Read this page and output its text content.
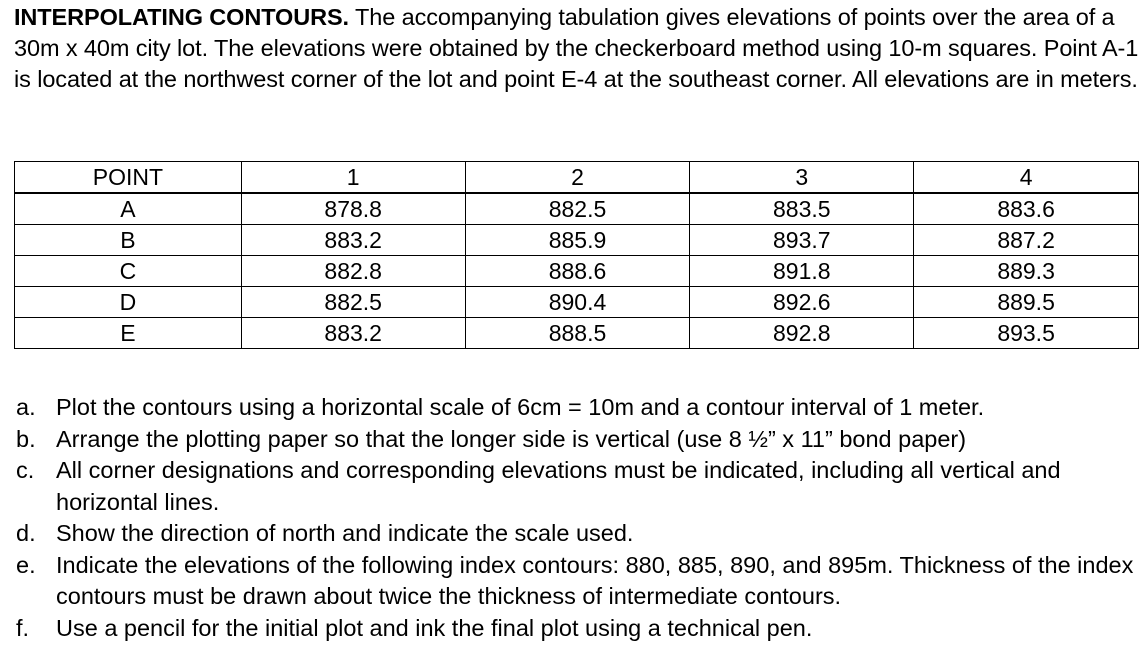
INTERPOLATING CONTOURS. The accompanying tabulation gives elevations of points over the area of a 30m x 40m city lot. The elevations were obtained by the checkerboard method using 10-m squares. Point A-1 is located at the northwest corner of the lot and point E-4 at the southeast corner. All elevations are in meters.
POINT	1	2	3	4
A	878.8	882.5	883.5	883.6
B	883.2	885.9	893.7	887.2
C	882.8	888.6	891.8	889.3
D	882.5	890.4	892.6	889.5
E	883.2	888.5	892.8	893.5
a. Plot the contours using a horizontal scale of 6cm = 10m and a contour interval of 1 meter.
b. Arrange the plotting paper so that the longer side is vertical (use 8 ½” x 11” bond paper)
c. All corner designations and corresponding elevations must be indicated, including all vertical and horizontal lines.
d. Show the direction of north and indicate the scale used.
e. Indicate the elevations of the following index contours: 880, 885, 890, and 895m. Thickness of the index contours must be drawn about twice the thickness of intermediate contours.
f. Use a pencil for the initial plot and ink the final plot using a technical pen.
